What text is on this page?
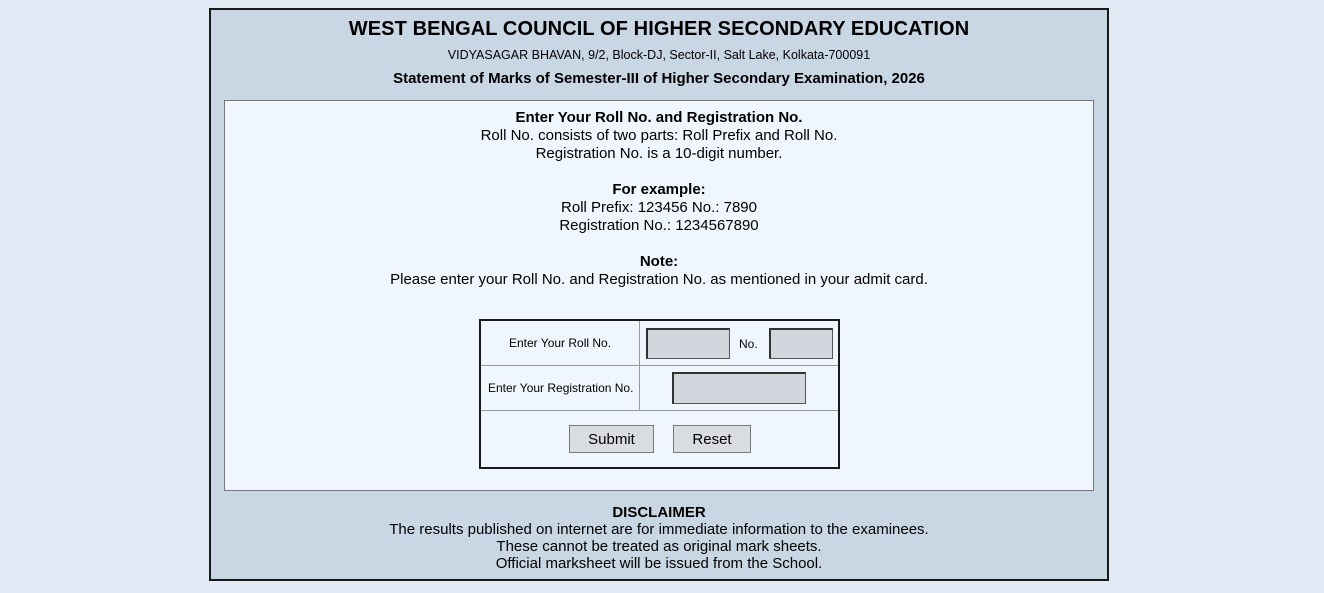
WEST BENGAL COUNCIL OF HIGHER SECONDARY EDUCATION
VIDYASAGAR BHAVAN, 9/2, Block-DJ, Sector-II, Salt Lake, Kolkata-700091
Statement of Marks of Semester-III of Higher Secondary Examination, 2026
Enter Your Roll No. and Registration No.
Roll No. consists of two parts: Roll Prefix and Roll No.
Registration No. is a 10-digit number.
For example:
Roll Prefix: 123456 No.: 7890
Registration No.: 1234567890
Note:
Please enter your Roll No. and Registration No. as mentioned in your admit card.
Enter Your Roll No.	No.
Enter Your Registration No.
Submit	Reset
DISCLAIMER
The results published on internet are for immediate information to the examinees.
These cannot be treated as original mark sheets.
Official marksheet will be issued from the School.
